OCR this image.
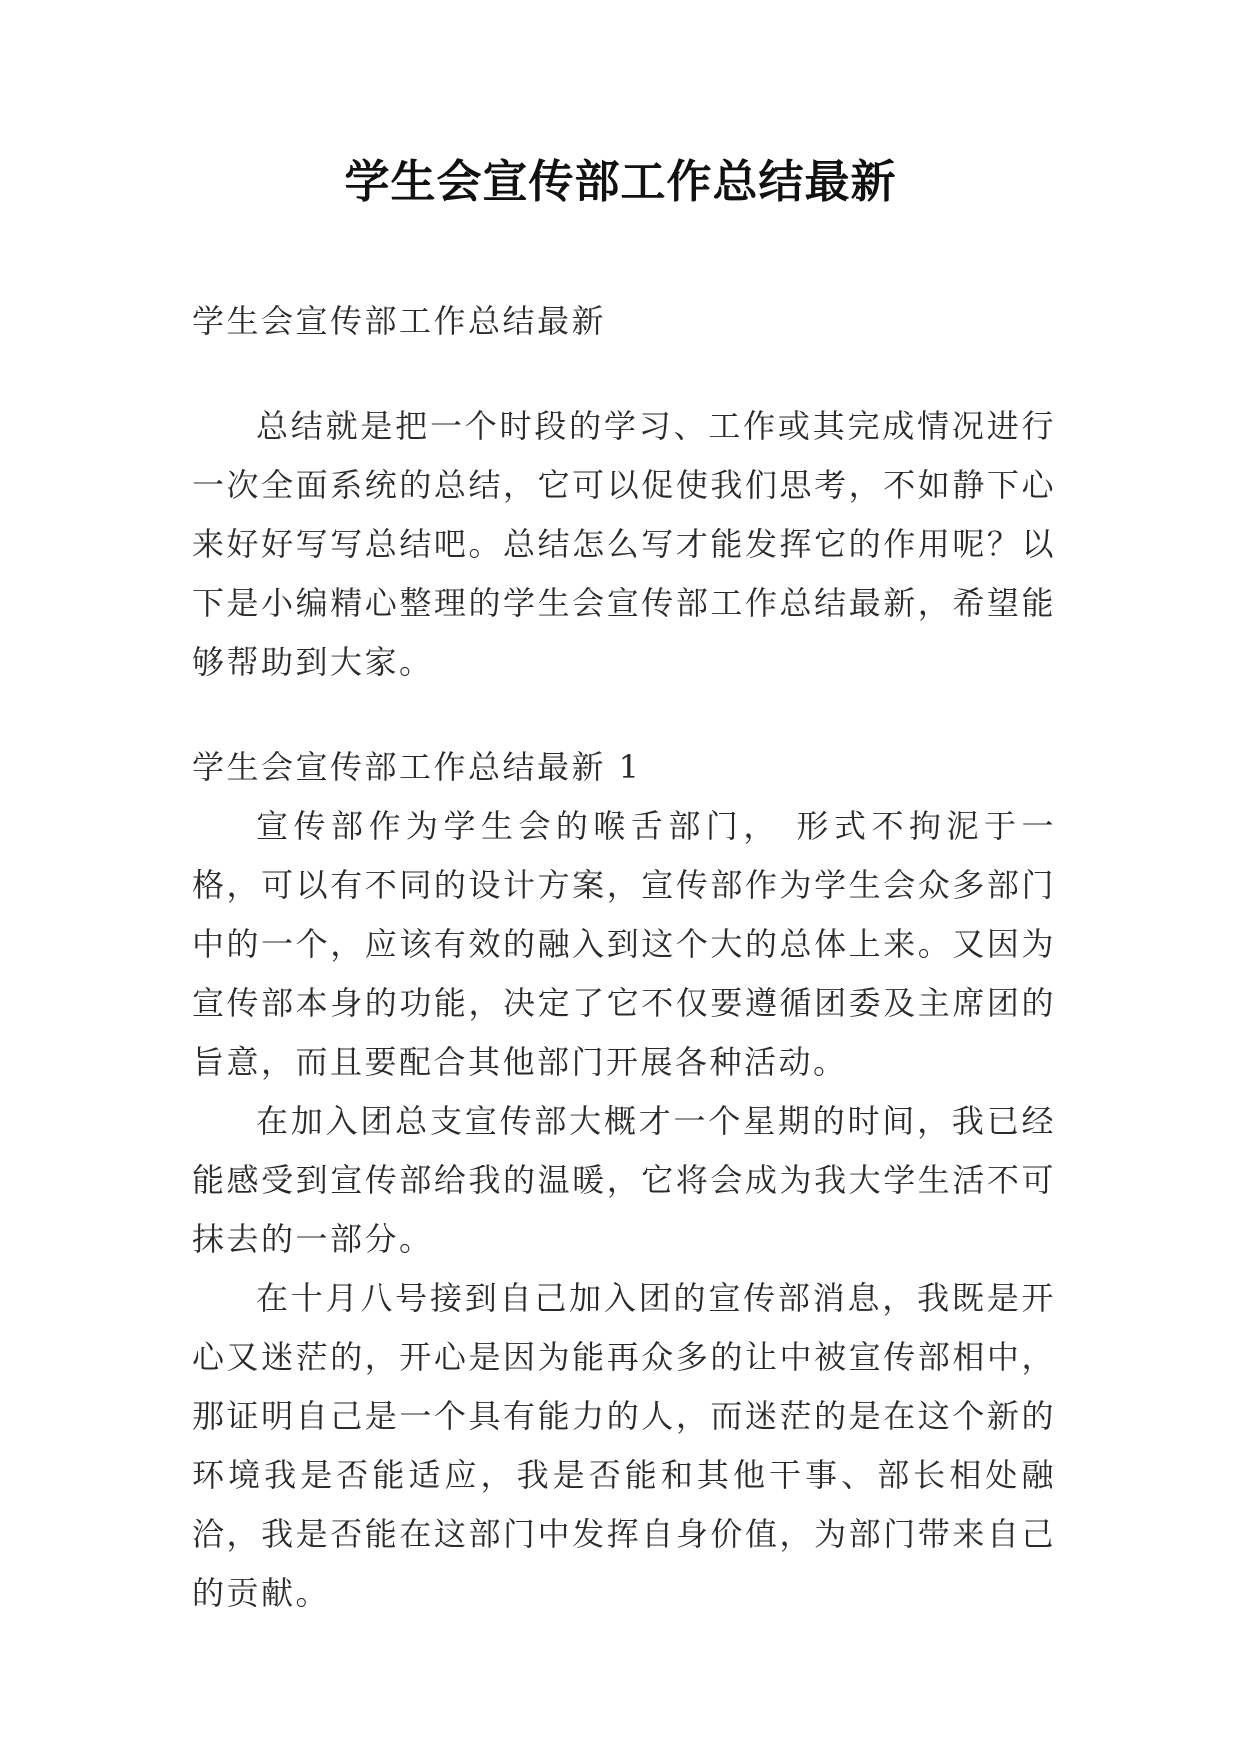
学生会宣传部工作总结最新

学生会宣传部工作总结最新

总结就是把一个时段的学习、工作或其完成情况进行一次全面系统的总结，它可以促使我们思考，不如静下心来好好写写总结吧。总结怎么写才能发挥它的作用呢？以下是小编精心整理的学生会宣传部工作总结最新，希望能够帮助到大家。

学生会宣传部工作总结最新 1

宣传部作为学生会的喉舌部门， 形式不拘泥于一格，可以有不同的设计方案，宣传部作为学生会众多部门中的一个，应该有效的融入到这个大的总体上来。又因为宣传部本身的功能，决定了它不仅要遵循团委及主席团的旨意，而且要配合其他部门开展各种活动。

在加入团总支宣传部大概才一个星期的时间，我已经能感受到宣传部给我的温暖，它将会成为我大学生活不可抹去的一部分。

在十月八号接到自己加入团的宣传部消息，我既是开心又迷茫的，开心是因为能再众多的让中被宣传部相中，那证明自己是一个具有能力的人，而迷茫的是在这个新的环境我是否能适应，我是否能和其他干事、部长相处融洽，我是否能在这部门中发挥自身价值，为部门带来自己的贡献。
